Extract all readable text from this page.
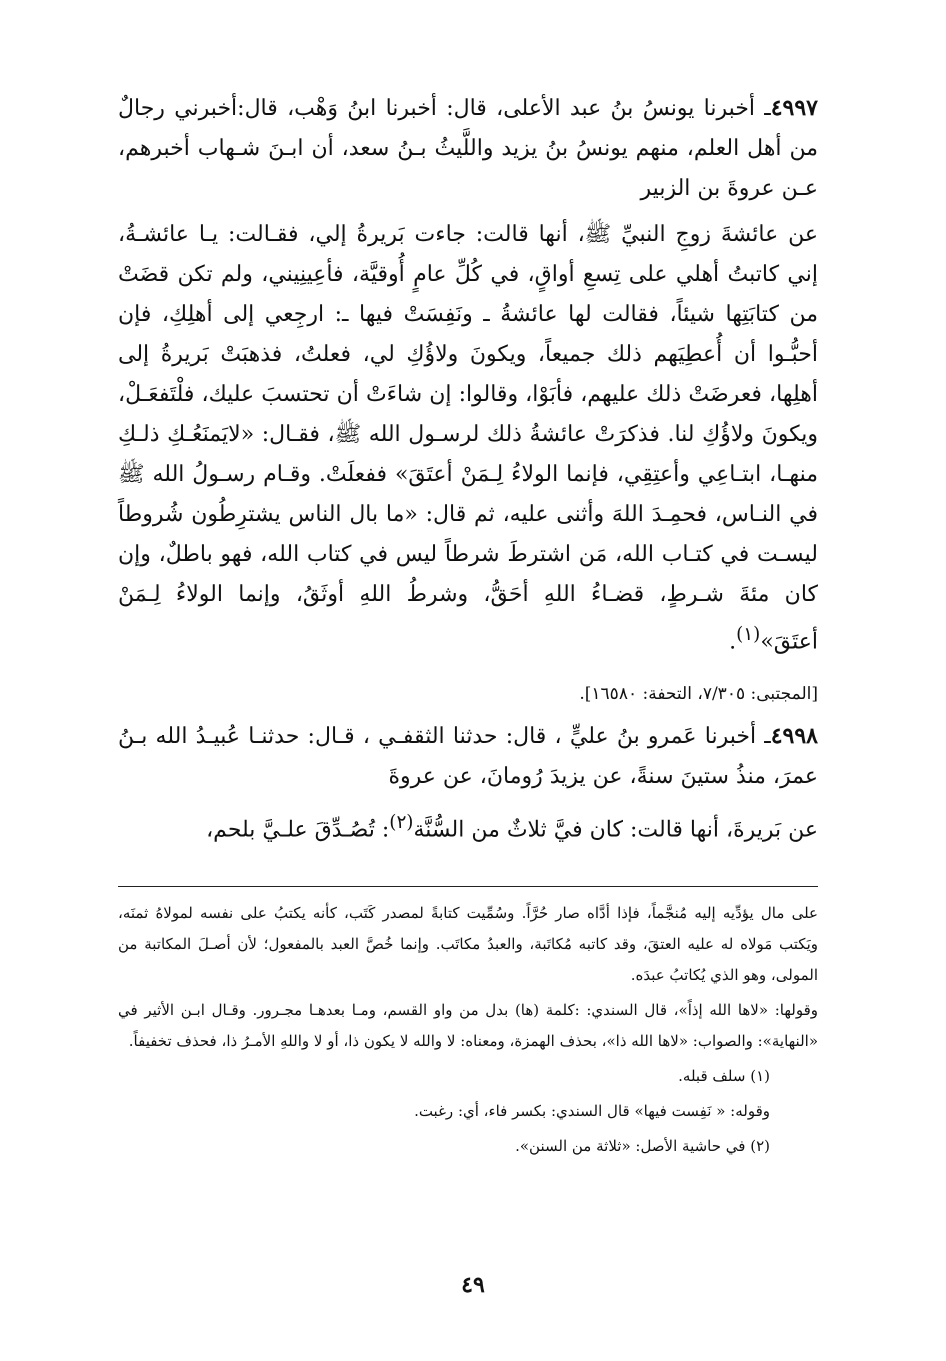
٤٩٩٧ـ أخبرنا يونسُ بنُ عبد الأعلى، قال: أخبرنا ابنُ وَهْب، قال:أخبرني رجالٌ من أهل العلم، منهم يونسُ بنُ يزيد واللَّيثُ بـنُ سعد، أن ابـنَ شـهاب أخبرهم، عـن عروةَ بن الزبير

عن عائشةَ زوجِ النبيِّ ﷺ، أنها قالت: جاءت بَريرةُ إلي، فقـالت: يـا عائشـةُ، إني كاتبتُ أهلي على تِسعِ أواقٍ، في كُلِّ عامٍ أُوقيَّة، فأعِينِيني، ولم تكن قضَتْ من كتابَتِها شيئاً، فقالت لها عائشةُ ـ ونَفِسَتْ فيها ـ: ارجِعي إلى أهلِكِ، فإن أحبُّـوا أن أُعطِيَهم ذلك جميعاً، ويكونَ ولاؤُكِ لي، فعلتُ، فذهبَتْ بَريرةُ إلى أهلِها، فعرضَتْ ذلك عليهم، فأبَوْا، وقالوا: إن شاءَتْ أن تحتسبَ عليك، فلْتَفعَـلْ، ويكونَ ولاؤُكِ لنا. فذكرَتْ عائشةُ ذلك لرسـول الله ﷺ، فقـال: «لايَمنَعُـكِ ذلـكِ منهـا، ابتـاعِي وأعتِقِي، فإنما الولاءُ لِـمَنْ أعتَقَ» ففعلَتْ. وقـام رسـولُ الله ﷺ في النـاس، فحمِـدَ اللهَ وأثنى عليه، ثم قال: «ما بال الناس يشترِطُون شُروطاً ليسـت في كتـاب الله، مَن اشترطَ شرطاً ليس في كتاب الله، فهو باطلٌ، وإن كان مئةَ شـرطٍ، قضـاءُ اللهِ أحَقُّ، وشرطُ اللهِ أوثَقُ، وإنما الولاءُ لِـمَنْ أعتَقَ»$^{(١)}$.

[المجتبى: ٧/٣٠٥، التحفة: ١٦٥٨٠].

٤٩٩٨ـ أخبرنا عَمرو بنُ عليٍّ ، قال: حدثنا الثقفـي ، قـال: حدثنـا عُبيـدُ الله بـنُ عمرَ، منذُ ستينَ سنةً، عن يزيدَ رُومانَ، عن عروةَ

عن بَريرةَ، أنها قالت: كان فيَّ ثلاثٌ من السُّنَّة$^{(٢)}$: تُصُـدِّقَ علـيَّ بلحم،

على مال يؤدِّيه إليه مُنجَّماً، فإذا أدَّاه صار حُرَّاً. وسُمِّيت كتابةً لمصدر كَتَب، كأنه يكتبُ على نفسه لمولاهُ ثمنَه، ويَكتب مَولاه له عليه العتقَ، وقد كاتبه مُكاتَبة، والعبدُ مكاتَب. وإنما خُصَّ العبد بالمفعول؛ لأن أصـلَ المكاتبة من المولى، وهو الذي يُكاتبُ عبدَه.

وقولها: «لاها الله إذاً»، قال السندي: :كلمة (ها) بدل من واو القسم، ومـا بعدهـا مجـرور. وقـال ابـن الأثير في «النهاية»: والصواب: «لاها الله ذا»، بحذف الهمزة، ومعناه: لا والله لا يكون ذا، أو لا واللهِ الأمـرُ ذا، فحذف تخفيفاً.

(١) سلف قبله.

وقوله: « نَفِست فيها» قال السندي: بكسر فاء، أي: رغبت.

(٢) في حاشية الأصل: «ثلاثة من السنن».

٤٩
